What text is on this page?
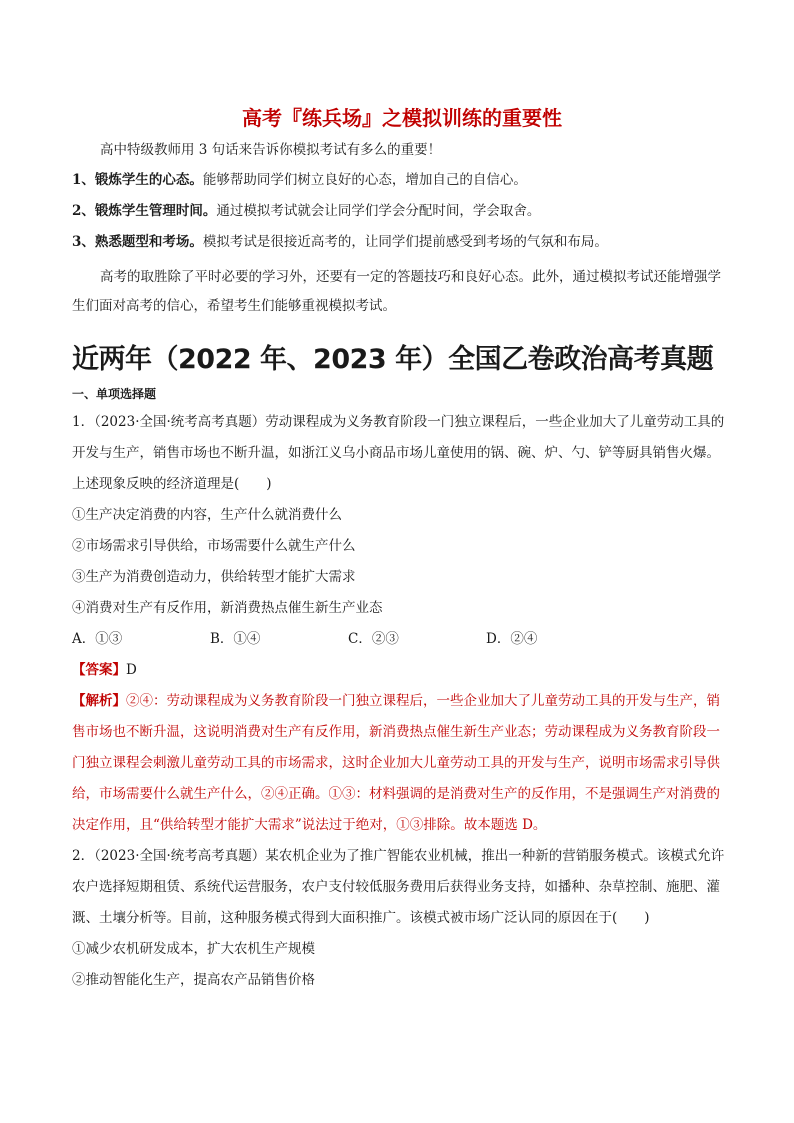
高考『练兵场』之模拟训练的重要性

高中特级教师用 3 句话来告诉你模拟考试有多么的重要！

1、锻炼学生的心态。能够帮助同学们树立良好的心态，增加自己的自信心。

2、锻炼学生管理时间。通过模拟考试就会让同学们学会分配时间，学会取舍。

3、熟悉题型和考场。模拟考试是很接近高考的，让同学们提前感受到考场的气氛和布局。

高考的取胜除了平时必要的学习外，还要有一定的答题技巧和良好心态。此外，通过模拟考试还能增强学生们面对高考的信心，希望考生们能够重视模拟考试。

近两年（2022 年、2023 年）全国乙卷政治高考真题
一、单项选择题

1．（2023·全国·统考高考真题）劳动课程成为义务教育阶段一门独立课程后，一些企业加大了儿童劳动工具的开发与生产，销售市场也不断升温，如浙江义乌小商品市场儿童使用的锅、碗、炉、勺、铲等厨具销售火爆。上述现象反映的经济道理是(　　)

①生产决定消费的内容，生产什么就消费什么

②市场需求引导供给，市场需要什么就生产什么

③生产为消费创造动力，供给转型才能扩大需求

④消费对生产有反作用，新消费热点催生新生产业态

A．①③	B．①④	C．②③	D．②④

【答案】D

【解析】②④：劳动课程成为义务教育阶段一门独立课程后，一些企业加大了儿童劳动工具的开发与生产，销售市场也不断升温，这说明消费对生产有反作用，新消费热点催生新生产业态；劳动课程成为义务教育阶段一门独立课程会刺激儿童劳动工具的市场需求，这时企业加大儿童劳动工具的开发与生产，说明市场需求引导供给，市场需要什么就生产什么，②④正确。①③：材料强调的是消费对生产的反作用，不是强调生产对消费的决定作用，且“供给转型才能扩大需求”说法过于绝对，①③排除。故本题选 D。

2．（2023·全国·统考高考真题）某农机企业为了推广智能农业机械，推出一种新的营销服务模式。该模式允许农户选择短期租赁、系统代运营服务，农户支付较低服务费用后获得业务支持，如播种、杂草控制、施肥、灌溉、土壤分析等。目前，这种服务模式得到大面积推广。该模式被市场广泛认同的原因在于(　　)

①减少农机研发成本，扩大农机生产规模

②推动智能化生产，提高农产品销售价格
